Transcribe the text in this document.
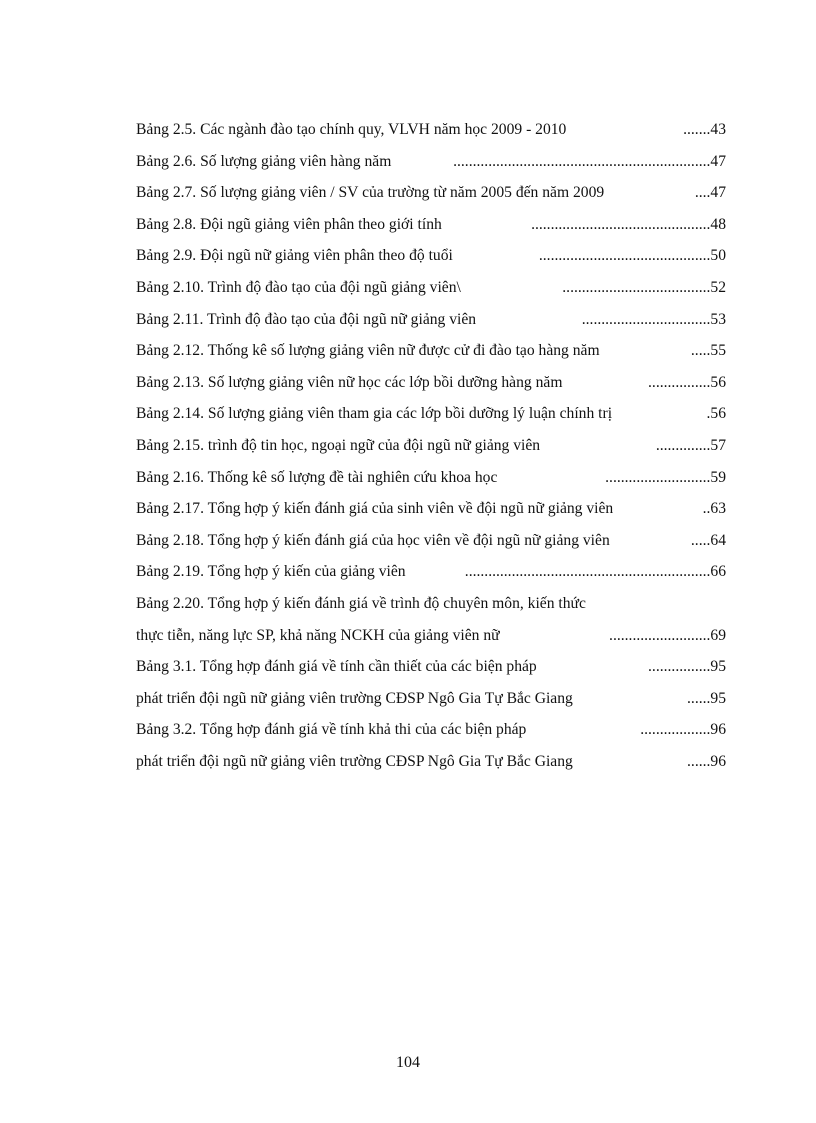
Bảng 2.5. Các ngành đào tạo chính quy, VLVH năm học 2009 - 2010	....... 43
Bảng 2.6. Số lượng giảng viên hàng năm	.................................................................. 47
Bảng 2.7. Số lượng giảng viên / SV của trường từ năm 2005 đến năm 2009	.... 47
Bảng 2.8. Đội ngũ giảng viên phân theo giới tính	.............................................. 48
Bảng 2.9. Đội ngũ nữ giảng viên phân theo độ tuổi	............................................ 50
Bảng 2.10. Trình độ đào tạo của đội ngũ giảng viên\	...................................... 52
Bảng 2.11. Trình độ đào tạo của đội ngũ nữ giảng viên	................................. 53
Bảng 2.12. Thống kê số lượng giảng viên nữ được cử đi đào tạo hàng năm	..... 55
Bảng 2.13. Số lượng giảng viên nữ học các lớp bồi dưỡng hàng năm	................ 56
Bảng 2.14. Số lượng giảng viên tham gia các lớp bồi dưỡng lý luận chính trị	. 56
Bảng 2.15. trình độ tin học, ngoại ngữ của đội ngũ nữ giảng viên	.............. 57
Bảng 2.16. Thống kê số lượng đề tài nghiên cứu khoa học	........................... 59
Bảng 2.17. Tổng hợp ý kiến đánh giá của sinh viên về đội ngũ nữ giảng viên	.. 63
Bảng 2.18. Tổng hợp ý kiến đánh giá của học viên về đội ngũ nữ giảng viên	..... 64
Bảng 2.19. Tổng hợp ý kiến của giảng viên	............................................................... 66
Bảng 2.20. Tổng hợp ý kiến đánh giá về trình độ chuyên môn, kiến thức
thực tiễn, năng lực SP, khả năng NCKH của giảng viên nữ	.......................... 69
Bảng 3.1. Tổng hợp đánh giá về tính cần thiết của các biện pháp	................ 95
phát triển đội ngũ nữ giảng viên trường CĐSP Ngô Gia Tự Bắc Giang	...... 95
Bảng 3.2. Tổng hợp đánh giá về tính khả thi của các biện pháp	.................. 96
phát triển đội ngũ nữ giảng viên trường CĐSP Ngô Gia Tự Bắc Giang	...... 96
104
